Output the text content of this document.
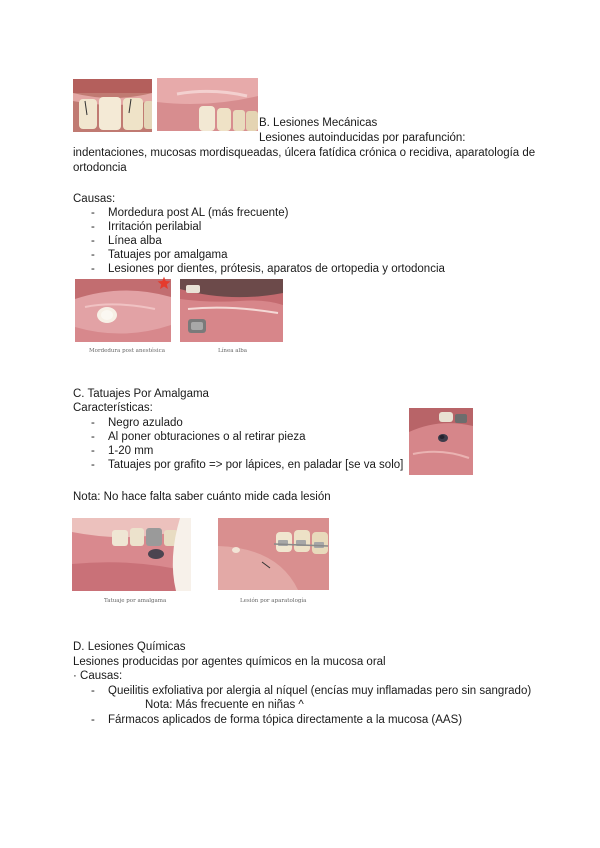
B. Lesiones Mecánicas
Lesiones autoinducidas por parafunción:
indentaciones, mucosas mordisqueadas, úlcera fatídica crónica o recidiva, aparatología de
ortodoncia
Causas:
- Mordedura post AL (más frecuente)
- Irritación perilabial
- Línea alba
- Tatuajes por amalgama
- Lesiones por dientes, prótesis, aparatos de ortopedia y ortodoncia
Mordedura post anestésica	Línea alba
C. Tatuajes Por Amalgama
Características:
- Negro azulado
- Al poner obturaciones o al retirar pieza
- 1-20 mm
- Tatuajes por grafito => por lápices, en paladar [se va solo]
Nota: No hace falta saber cuánto mide cada lesión
Tatuaje por amalgama	Lesión por aparatología
D. Lesiones Químicas
Lesiones producidas por agentes químicos en la mucosa oral
· Causas:
- Queilitis exfoliativa por alergia al níquel (encías muy inflamadas pero sin sangrado)
Nota: Más frecuente en niñas ^
- Fármacos aplicados de forma tópica directamente a la mucosa (AAS)
